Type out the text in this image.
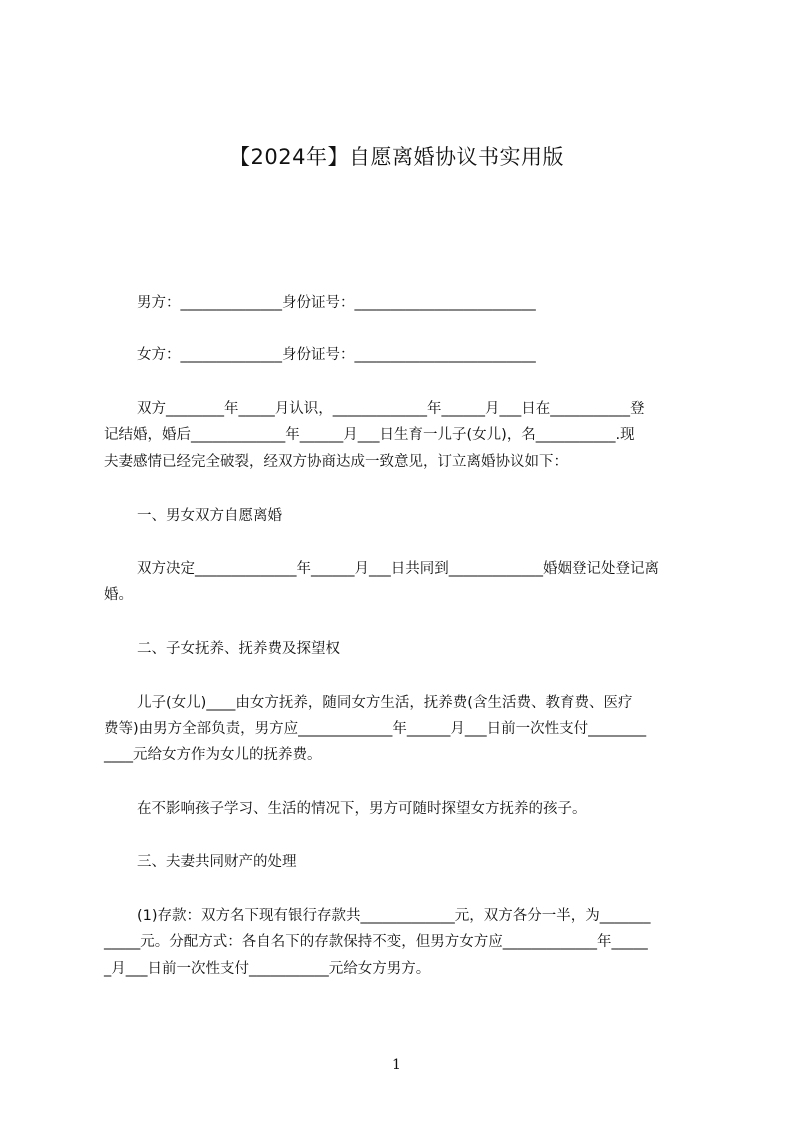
【2024年】自愿离婚协议书实用版
男方：______________身份证号：_________________________
女方：______________身份证号：_________________________
双方________年_____月认识，_____________年______月___日在___________登
记结婚，婚后_____________年______月___日生育一儿子(女儿)，名___________.现
夫妻感情已经完全破裂，经双方协商达成一致意见，订立离婚协议如下：
一、男女双方自愿离婚
双方决定______________年______月___日共同到_____________婚姻登记处登记离
婚。
二、子女抚养、抚养费及探望权
儿子(女儿)____由女方抚养，随同女方生活，抚养费(含生活费、教育费、医疗
费等)由男方全部负责，男方应_____________年______月___日前一次性支付________
____元给女方作为女儿的抚养费。
在不影响孩子学习、生活的情况下，男方可随时探望女方抚养的孩子。
三、夫妻共同财产的处理
(1)存款：双方名下现有银行存款共_____________元，双方各分一半，为_______
_____元。分配方式：各自名下的存款保持不变，但男方女方应_____________年_____
_月___日前一次性支付___________元给女方男方。
1
